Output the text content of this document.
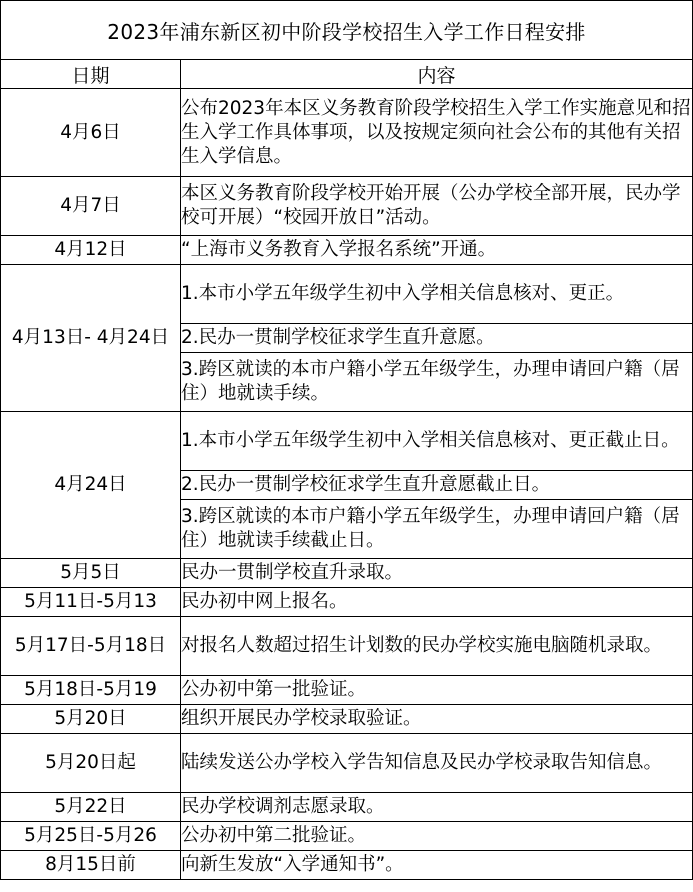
2023年浦东新区初中阶段学校招生入学工作日程安排	
日期	内容
4月6日	公布2023年本区义务教育阶段学校招生入学工作实施意见和招生入学工作具体事项，以及按规定须向社会公布的其他有关招生入学信息。
4月7日	本区义务教育阶段学校开始开展（公办学校全部开展，民办学校可开展）“校园开放日”活动。
4月12日	“上海市义务教育入学报名系统”开通。
4月13日- 4月24日	1.本市小学五年级学生初中入学相关信息核对、更正。
	2.民办一贯制学校征求学生直升意愿。
	3.跨区就读的本市户籍小学五年级学生，办理申请回户籍（居住）地就读手续。
4月24日	1.本市小学五年级学生初中入学相关信息核对、更正截止日。
	2.民办一贯制学校征求学生直升意愿截止日。
	3.跨区就读的本市户籍小学五年级学生，办理申请回户籍（居住）地就读手续截止日。
5月5日	民办一贯制学校直升录取。
5月11日-5月13	民办初中网上报名。
5月17日-5月18日	对报名人数超过招生计划数的民办学校实施电脑随机录取。
5月18日-5月19	公办初中第一批验证。
5月20日	组织开展民办学校录取验证。
5月20日起	陆续发送公办学校入学告知信息及民办学校录取告知信息。
5月22日	民办学校调剂志愿录取。
5月25日-5月26	公办初中第二批验证。
8月15日前	向新生发放“入学通知书”。
